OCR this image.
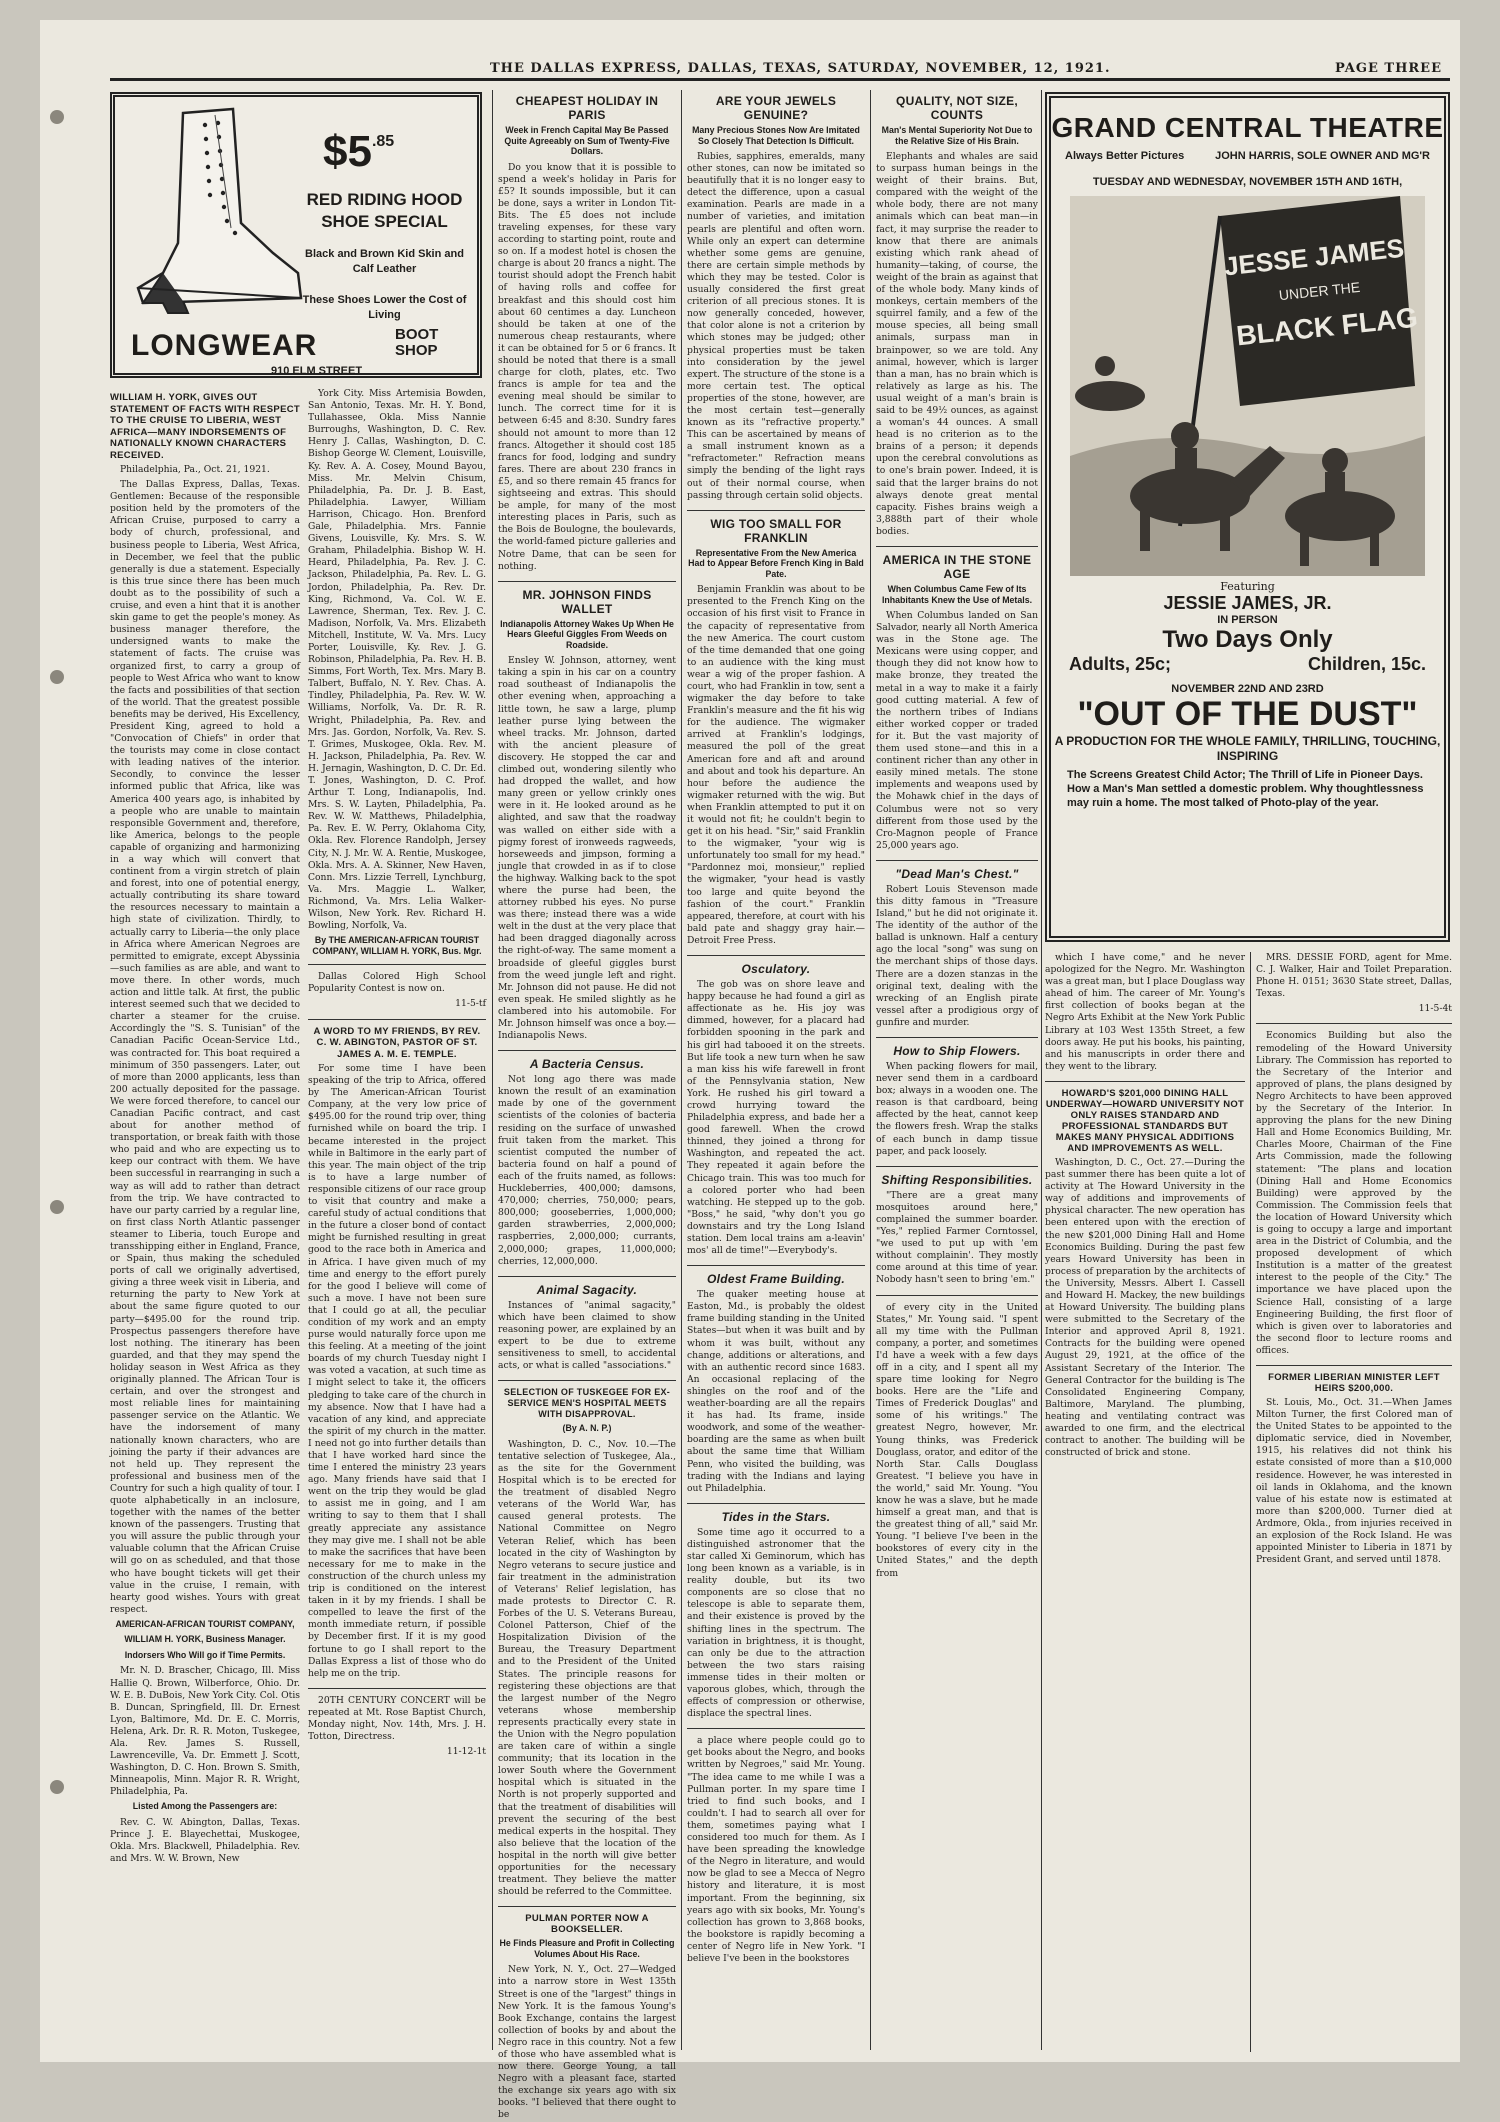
THE DALLAS EXPRESS, DALLAS, TEXAS, SATURDAY, NOVEMBER, 12, 1921.	PAGE THREE
$\$5^{.85}$
RED RIDING HOOD SHOE SPECIAL
Black and Brown Kid Skin and Calf Leather
These Shoes Lower the Cost of Living
LONGWEAR	BOOT SHOP
910 ELM STREET
WILLIAM H. YORK, GIVES OUT STATEMENT OF FACTS WITH RESPECT TO THE CRUISE TO LIBERIA, WEST AFRICA—MANY INDORSEMENTS OF NATIONALLY KNOWN CHARACTERS RECEIVED.

Philadelphia, Pa., Oct. 21, 1921.

The Dallas Express, Dallas, Texas. Gentlemen: Because of the responsible position held by the promoters of the African Cruise, purposed to carry a body of church, professional, and business people to Liberia, West Africa, in December, we feel that the public generally is due a statement. Especially is this true since there has been much doubt as to the possibility of such a cruise, and even a hint that it is another skin game to get the people's money. As business manager therefore, the undersigned wants to make the statement of facts. The cruise was organized first, to carry a group of people to West Africa who want to know the facts and possibilities of that section of the world. That the greatest possible benefits may be derived, His Excellency, President King, agreed to hold a "Convocation of Chiefs" in order that the tourists may come in close contact with leading natives of the interior. Secondly, to convince the lesser informed public that Africa, like was America 400 years ago, is inhabited by a people who are unable to maintain responsible Government and, therefore, like America, belongs to the people capable of organizing and harmonizing in a way which will convert that continent from a virgin stretch of plain and forest, into one of potential energy, actually contributing its share toward the resources necessary to maintain a high state of civilization. Thirdly, to actually carry to Liberia—the only place in Africa where American Negroes are permitted to emigrate, except Abyssinia—such families as are able, and want to move there. In other words, much action and little talk. At first, the public interest seemed such that we decided to charter a steamer for the cruise. Accordingly the "S. S. Tunisian" of the Canadian Pacific Ocean-Service Ltd., was contracted for. This boat required a minimum of 350 passengers. Later, out of more than 2000 applicants, less than 200 actually deposited for the passage. We were forced therefore, to cancel our Canadian Pacific contract, and cast about for another method of transportation, or break faith with those who paid and who are expecting us to keep our contract with them. We have been successful in rearranging in such a way as will add to rather than detract from the trip. We have contracted to have our party carried by a regular line, on first class North Atlantic passenger steamer to Liberia, touch Europe and transshipping either in England, France, or Spain, thus making the scheduled ports of call we originally advertised, giving a three week visit in Liberia, and returning the party to New York at about the same figure quoted to our party—$495.00 for the round trip. Prospectus passengers therefore have lost nothing. The itinerary has been guarded, and that they may spend the holiday season in West Africa as they originally planned. The African Tour is certain, and over the strongest and most reliable lines for maintaining passenger service on the Atlantic. We have the indorsement of many nationally known characters, who are joining the party if their advances are not held up. They represent the professional and business men of the Country for such a high quality of tour. I quote alphabetically in an inclosure, together with the names of the better known of the passengers. Trusting that you will assure the public through your valuable column that the African Cruise will go on as scheduled, and that those who have bought tickets will get their value in the cruise, I remain, with hearty good wishes. Yours with great respect.

AMERICAN-AFRICAN TOURIST COMPANY,
WILLIAM H. YORK, Business Manager.
Indorsers Who Will go if Time Permits.

Mr. N. D. Brascher, Chicago, Ill. Miss Hallie Q. Brown, Wilberforce, Ohio. Dr. W. E. B. DuBois, New York City. Col. Otis B. Duncan, Springfield, Ill. Dr. Ernest Lyon, Baltimore, Md. Dr. E. C. Morris, Helena, Ark. Dr. R. R. Moton, Tuskegee, Ala. Rev. James S. Russell, Lawrenceville, Va. Dr. Emmett J. Scott, Washington, D. C. Hon. Brown S. Smith, Minneapolis, Minn. Major R. R. Wright, Philadelphia, Pa.

Listed Among the Passengers are:

Rev. C. W. Abington, Dallas, Texas. Prince J. E. Blayechettai, Muskogee, Okla. Mrs. Blackwell, Philadelphia. Rev. and Mrs. W. W. Brown, New

York City. Miss Artemisia Bowden, San Antonio, Texas. Mr. H. Y. Bond, Tullahassee, Okla. Miss Nannie Burroughs, Washington, D. C. Rev. Henry J. Callas, Washington, D. C. Bishop George W. Clement, Louisville, Ky. Rev. A. A. Cosey, Mound Bayou, Miss. Mr. Melvin Chisum, Philadelphia, Pa. Dr. J. B. East, Philadelphia. Lawyer, William Harrison, Chicago. Hon. Brenford Gale, Philadelphia. Mrs. Fannie Givens, Louisville, Ky. Mrs. S. W. Graham, Philadelphia. Bishop W. H. Heard, Philadelphia, Pa. Rev. J. C. Jackson, Philadelphia, Pa. Rev. L. G. Jordon, Philadelphia, Pa. Rev. Dr. King, Richmond, Va. Col. W. E. Lawrence, Sherman, Tex. Rev. J. C. Madison, Norfolk, Va. Mrs. Elizabeth Mitchell, Institute, W. Va. Mrs. Lucy Porter, Louisville, Ky. Rev. J. G. Robinson, Philadelphia, Pa. Rev. H. B. Simms, Fort Worth, Tex. Mrs. Mary B. Talbert, Buffalo, N. Y. Rev. Chas. A. Tindley, Philadelphia, Pa. Rev. W. W. Williams, Norfolk, Va. Dr. R. R. Wright, Philadelphia, Pa. Rev. and Mrs. Jas. Gordon, Norfolk, Va. Rev. S. T. Grimes, Muskogee, Okla. Rev. M. H. Jackson, Philadelphia, Pa. Rev. W. H. Jernagin, Washington, D. C. Dr. Ed. T. Jones, Washington, D. C. Prof. Arthur T. Long, Indianapolis, Ind. Mrs. S. W. Layten, Philadelphia, Pa. Rev. W. W. Matthews, Philadelphia, Pa. Rev. E. W. Perry, Oklahoma City, Okla. Rev. Florence Randolph, Jersey City, N. J. Mr. W. A. Rentie, Muskogee, Okla. Mrs. A. A. Skinner, New Haven, Conn. Mrs. Lizzie Terrell, Lynchburg, Va. Mrs. Maggie L. Walker, Richmond, Va. Mrs. Lelia Walker-Wilson, New York. Rev. Richard H. Bowling, Norfolk, Va.

By THE AMERICAN-AFRICAN TOURIST COMPANY, WILLIAM H. YORK, Bus. Mgr.

Dallas Colored High School Popularity Contest is now on.

11-5-tf

A WORD TO MY FRIENDS, BY REV. C. W. ABINGTON, PASTOR OF ST. JAMES A. M. E. TEMPLE.

For some time I have been speaking of the trip to Africa, offered by The American-African Tourist Company, at the very low price of $495.00 for the round trip over, thing furnished while on board the trip. I became interested in the project while in Baltimore in the early part of this year. The main object of the trip is to have a large number of responsible citizens of our race group to visit that country and make a careful study of actual conditions that in the future a closer bond of contact might be furnished resulting in great good to the race both in America and in Africa. I have given much of my time and energy to the effort purely for the good I believe will come of such a move. I have not been sure that I could go at all, the peculiar condition of my work and an empty purse would naturally force upon me this feeling. At a meeting of the joint boards of my church Tuesday night I was voted a vacation, at such time as I might select to take it, the officers pledging to take care of the church in my absence. Now that I have had a vacation of any kind, and appreciate the spirit of my church in the matter. I need not go into further details than that I have worked hard since the time I entered the ministry 23 years ago. Many friends have said that I went on the trip they would be glad to assist me in going, and I am writing to say to them that I shall greatly appreciate any assistance they may give me. I shall not be able to make the sacrifices that have been necessary for me to make in the construction of the church unless my trip is conditioned on the interest taken in it by my friends. I shall be compelled to leave the first of the month immediate return, if possible by December first. If it is my good fortune to go I shall report to the Dallas Express a list of those who do help me on the trip.

20TH CENTURY CONCERT will be repeated at Mt. Rose Baptist Church, Monday night, Nov. 14th, Mrs. J. H. Totton, Directress.

11-12-1t

CHEAPEST HOLIDAY IN PARIS
Week in French Capital May Be Passed Quite Agreeably on Sum of Twenty-Five Dollars.

Do you know that it is possible to spend a week's holiday in Paris for £5? It sounds impossible, but it can be done, says a writer in London Tit-Bits. The £5 does not include traveling expenses, for these vary according to starting point, route and so on. If a modest hotel is chosen the charge is about 20 francs a night. The tourist should adopt the French habit of having rolls and coffee for breakfast and this should cost him about 60 centimes a day. Luncheon should be taken at one of the numerous cheap restaurants, where it can be obtained for 5 or 6 francs. It should be noted that there is a small charge for cloth, plates, etc. Two francs is ample for tea and the evening meal should be similar to lunch. The correct time for it is between 6:45 and 8:30. Sundry fares should not amount to more than 12 francs. Altogether it should cost 185 francs for food, lodging and sundry fares. There are about 230 francs in £5, and so there remain 45 francs for sightseeing and extras. This should be ample, for many of the most interesting places in Paris, such as the Bois de Boulogne, the boulevards, the world-famed picture galleries and Notre Dame, that can be seen for nothing.

MR. JOHNSON FINDS WALLET
Indianapolis Attorney Wakes Up When He Hears Gleeful Giggles From Weeds on Roadside.

Ensley W. Johnson, attorney, went taking a spin in his car on a country road southeast of Indianapolis the other evening when, approaching a little town, he saw a large, plump leather purse lying between the wheel tracks. Mr. Johnson, darted with the ancient pleasure of discovery. He stopped the car and climbed out, wondering silently who had dropped the wallet, and how many green or yellow crinkly ones were in it. He looked around as he alighted, and saw that the roadway was walled on either side with a pigmy forest of ironweeds ragweeds, horseweeds and jimpson, forming a jungle that crowded in as if to close the highway. Walking back to the spot where the purse had been, the attorney rubbed his eyes. No purse was there; instead there was a wide welt in the dust at the very place that had been dragged diagonally across the right-of-way. The same moment a broadside of gleeful giggles burst from the weed jungle left and right. Mr. Johnson did not pause. He did not even speak. He smiled slightly as he clambered into his automobile. For Mr. Johnson himself was once a boy.—Indianapolis News.

A Bacteria Census.

Not long ago there was made known the result of an examination made by one of the government scientists of the colonies of bacteria residing on the surface of unwashed fruit taken from the market. This scientist computed the number of bacteria found on half a pound of each of the fruits named, as follows: Huckleberries, 400,000; damsons, 470,000; cherries, 750,000; pears, 800,000; gooseberries, 1,000,000; garden strawberries, 2,000,000; raspberries, 2,000,000; currants, 2,000,000; grapes, 11,000,000; cherries, 12,000,000.

Animal Sagacity.

Instances of "animal sagacity," which have been claimed to show reasoning power, are explained by an expert to be due to extreme sensitiveness to smell, to accidental acts, or what is called "associations."

SELECTION OF TUSKEGEE FOR EX-SERVICE MEN'S HOSPITAL MEETS WITH DISAPPROVAL.
(By A. N. P.)

Washington, D. C., Nov. 10.—The tentative selection of Tuskegee, Ala., as the site for the Government Hospital which is to be erected for the treatment of disabled Negro veterans of the World War, has caused general protests. The National Committee on Negro Veteran Relief, which has been located in the city of Washington by Negro veterans to secure justice and fair treatment in the administration of Veterans' Relief legislation, has made protests to Director C. R. Forbes of the U. S. Veterans Bureau, Colonel Patterson, Chief of the Hospitalization Division of the Bureau, the Treasury Department and to the President of the United States. The principle reasons for registering these objections are that the largest number of the Negro veterans whose membership represents practically every state in the Union with the Negro population are taken care of within a single community; that its location in the lower South where the Government hospital which is situated in the North is not properly supported and that the treatment of disabilities will prevent the securing of the best medical experts in the hospital. They also believe that the location of the hospital in the north will give better opportunities for the necessary treatment. They believe the matter should be referred to the Committee.

PULMAN PORTER NOW A BOOKSELLER.
He Finds Pleasure and Profit in Collecting Volumes About His Race.

New York, N. Y., Oct. 27—Wedged into a narrow store in West 135th Street is one of the "largest" things in New York. It is the famous Young's Book Exchange, contains the largest collection of books by and about the Negro race in this country. Not a few of those who have assembled what is now there. George Young, a tall Negro with a pleasant face, started the exchange six years ago with six books. "I believed that there ought to be

ARE YOUR JEWELS GENUINE?
Many Precious Stones Now Are Imitated So Closely That Detection Is Difficult.

Rubies, sapphires, emeralds, many other stones, can now be imitated so beautifully that it is no longer easy to detect the difference, upon a casual examination. Pearls are made in a number of varieties, and imitation pearls are plentiful and often worn. While only an expert can determine whether some gems are genuine, there are certain simple methods by which they may be tested. Color is usually considered the first great criterion of all precious stones. It is now generally conceded, however, that color alone is not a criterion by which stones may be judged; other physical properties must be taken into consideration by the jewel expert. The structure of the stone is a more certain test. The optical properties of the stone, however, are the most certain test—generally known as its "refractive property." This can be ascertained by means of a small instrument known as a "refractometer." Refraction means simply the bending of the light rays out of their normal course, when passing through certain solid objects.

WIG TOO SMALL FOR FRANKLIN
Representative From the New America Had to Appear Before French King in Bald Pate.

Benjamin Franklin was about to be presented to the French King on the occasion of his first visit to France in the capacity of representative from the new America. The court custom of the time demanded that one going to an audience with the king must wear a wig of the proper fashion. A court, who had Franklin in tow, sent a wigmaker the day before to take Franklin's measure and the fit his wig for the audience. The wigmaker arrived at Franklin's lodgings, measured the poll of the great American fore and aft and around and about and took his departure. An hour before the audience the wigmaker returned with the wig. But when Franklin attempted to put it on it would not fit; he couldn't begin to get it on his head. "Sir," said Franklin to the wigmaker, "your wig is unfortunately too small for my head." "Pardonnez moi, monsieur," replied the wigmaker, "your head is vastly too large and quite beyond the fashion of the court." Franklin appeared, therefore, at court with his bald pate and shaggy gray hair.—Detroit Free Press.

Osculatory.

The gob was on shore leave and happy because he had found a girl as affectionate as he. His joy was dimmed, however, for a placard had forbidden spooning in the park and his girl had tabooed it on the streets. But life took a new turn when he saw a man kiss his wife farewell in front of the Pennsylvania station, New York. He rushed his girl toward a crowd hurrying toward the Philadelphia express, and bade her a good farewell. When the crowd thinned, they joined a throng for Washington, and repeated the act. They repeated it again before the Chicago train. This was too much for a colored porter who had been watching. He stepped up to the gob. "Boss," he said, "why don't you go downstairs and try the Long Island station. Dem local trains am a-leavin' mos' all de time!"—Everybody's.

Oldest Frame Building.

The quaker meeting house at Easton, Md., is probably the oldest frame building standing in the United States—but when it was built and by whom it was built, without any change, additions or alterations, and with an authentic record since 1683. An occasional replacing of the shingles on the roof and of the weather-boarding are all the repairs it has had. Its frame, inside woodwork, and some of the weather-boarding are the same as when built about the same time that William Penn, who visited the building, was trading with the Indians and laying out Philadelphia.

Tides in the Stars.

Some time ago it occurred to a distinguished astronomer that the star called Xi Geminorum, which has long been known as a variable, is in reality double, but its two components are so close that no telescope is able to separate them, and their existence is proved by the shifting lines in the spectrum. The variation in brightness, it is thought, can only be due to the attraction between the two stars raising immense tides in their molten or vaporous globes, which, through the effects of compression or otherwise, displace the spectral lines.

a place where people could go to get books about the Negro, and books written by Negroes," said Mr. Young. "The idea came to me while I was a Pullman porter. In my spare time I tried to find such books, and I couldn't. I had to search all over for them, sometimes paying what I considered too much for them. As I have been spreading the knowledge of the Negro in literature, and would now be glad to see a Mecca of Negro history and literature, it is most important. From the beginning, six years ago with six books, Mr. Young's collection has grown to 3,868 books, the bookstore is rapidly becoming a center of Negro life in New York. "I believe I've been in the bookstores

QUALITY, NOT SIZE, COUNTS
Man's Mental Superiority Not Due to the Relative Size of His Brain.

Elephants and whales are said to surpass human beings in the weight of their brains. But, compared with the weight of the whole body, there are not many animals which can beat man—in fact, it may surprise the reader to know that there are animals existing which rank ahead of humanity—taking, of course, the weight of the brain as against that of the whole body. Many kinds of monkeys, certain members of the squirrel family, and a few of the mouse species, all being small animals, surpass man in brainpower, so we are told. Any animal, however, which is larger than a man, has no brain which is relatively as large as his. The usual weight of a man's brain is said to be 49½ ounces, as against a woman's 44 ounces. A small head is no criterion as to the brains of a person; it depends upon the cerebral convolutions as to one's brain power. Indeed, it is said that the larger brains do not always denote great mental capacity. Fishes brains weigh a 3,888th part of their whole bodies.

AMERICA IN THE STONE AGE
When Columbus Came Few of Its Inhabitants Knew the Use of Metals.

When Columbus landed on San Salvador, nearly all North America was in the Stone age. The Mexicans were using copper, and though they did not know how to make bronze, they treated the metal in a way to make it a fairly good cutting material. A few of the northern tribes of Indians either worked copper or traded for it. But the vast majority of them used stone—and this in a continent richer than any other in easily mined metals. The stone implements and weapons used by the Mohawk chief in the days of Columbus were not so very different from those used by the Cro-Magnon people of France 25,000 years ago.

"Dead Man's Chest."

Robert Louis Stevenson made this ditty famous in "Treasure Island," but he did not originate it. The identity of the author of the ballad is unknown. Half a century ago the local "song" was sung on the merchant ships of those days. There are a dozen stanzas in the original text, dealing with the wrecking of an English pirate vessel after a prodigious orgy of gunfire and murder.

How to Ship Flowers.

When packing flowers for mail, never send them in a cardboard box; always in a wooden one. The reason is that cardboard, being affected by the heat, cannot keep the flowers fresh. Wrap the stalks of each bunch in damp tissue paper, and pack loosely.

Shifting Responsibilities.

"There are a great many mosquitoes around here," complained the summer boarder. "Yes," replied Farmer Corntossel, "we used to put up with 'em without complainin'. They mostly come around at this time of year. Nobody hasn't seen to bring 'em."

of every city in the United States," Mr. Young said. "I spent all my time with the Pullman company, a porter, and sometimes I'd have a week with a few days off in a city, and I spent all my spare time looking for Negro books. Here are the "Life and Times of Frederick Douglas" and some of his writings." The greatest Negro, however, Mr. Young thinks, was Frederick Douglass, orator, and editor of the North Star. Calls Douglass Greatest. "I believe you have in the world," said Mr. Young. "You know he was a slave, but he made himself a great man, and that is the greatest thing of all," said Mr. Young. "I believe I've been in the bookstores of every city in the United States," and the depth from

GRAND CENTRAL THEATRE
Always Better Pictures	JOHN HARRIS, SOLE OWNER AND MG'R
TUESDAY AND WEDNESDAY, NOVEMBER 15TH AND 16TH,
JESSE JAMES
UNDER THE
BLACK FLAG
Featuring
JESSIE JAMES, JR.
IN PERSON
Two Days Only
Adults, 25c;	Children, 15c.
NOVEMBER 22ND AND 23RD
"OUT OF THE DUST"
A PRODUCTION FOR THE WHOLE FAMILY, THRILLING, TOUCHING, INSPIRING
The Screens Greatest Child Actor; The Thrill of Life in Pioneer Days. How a Man's Man settled a domestic problem. Why thoughtlessness may ruin a home. The most talked of Photo-play of the year.

which I have come," and he never apologized for the Negro. Mr. Washington was a great man, but I place Douglass way ahead of him. The career of Mr. Young's first collection of books began at the Negro Arts Exhibit at the New York Public Library at 103 West 135th Street, a few doors away. He put his books, his painting, and his manuscripts in order there and they went to the library.

HOWARD'S $201,000 DINING HALL UNDERWAY—HOWARD UNIVERSITY NOT ONLY RAISES STANDARD AND PROFESSIONAL STANDARDS BUT MAKES MANY PHYSICAL ADDITIONS AND IMPROVEMENTS AS WELL.

Washington, D. C., Oct. 27.—During the past summer there has been quite a lot of activity at The Howard University in the way of additions and improvements of physical character. The new operation has been entered upon with the erection of the new $201,000 Dining Hall and Home Economics Building. During the past few years Howard University has been in process of preparation by the architects of the University, Messrs. Albert I. Cassell and Howard H. Mackey, the new buildings at Howard University. The building plans were submitted to the Secretary of the Interior and approved April 8, 1921. Contracts for the building were opened August 29, 1921, at the office of the Assistant Secretary of the Interior. The General Contractor for the building is The Consolidated Engineering Company, Baltimore, Maryland. The plumbing, heating and ventilating contract was awarded to one firm, and the electrical contract to another. The building will be constructed of brick and stone.

MRS. DESSIE FORD, agent for Mme. C. J. Walker, Hair and Toilet Preparation. Phone H. 0151; 3630 State street, Dallas, Texas.

11-5-4t

Economics Building but also the remodeling of the Howard University Library. The Commission has reported to the Secretary of the Interior and approved of plans, the plans designed by Negro Architects to have been approved by the Secretary of the Interior. In approving the plans for the new Dining Hall and Home Economics Building, Mr. Charles Moore, Chairman of the Fine Arts Commission, made the following statement: "The plans and location (Dining Hall and Home Economics Building) were approved by the Commission. The Commission feels that the location of Howard University which is going to occupy a large and important area in the District of Columbia, and the proposed development of which Institution is a matter of the greatest interest to the people of the City." The importance we have placed upon the Science Hall, consisting of a large Engineering Building, the first floor of which is given over to laboratories and the second floor to lecture rooms and offices.

FORMER LIBERIAN MINISTER LEFT HEIRS $200,000.

St. Louis, Mo., Oct. 31.—When James Milton Turner, the first Colored man of the United States to be appointed to the diplomatic service, died in November, 1915, his relatives did not think his estate consisted of more than a $10,000 residence. However, he was interested in oil lands in Oklahoma, and the known value of his estate now is estimated at more than $200,000. Turner died at Ardmore, Okla., from injuries received in an explosion of the Rock Island. He was appointed Minister to Liberia in 1871 by President Grant, and served until 1878.
